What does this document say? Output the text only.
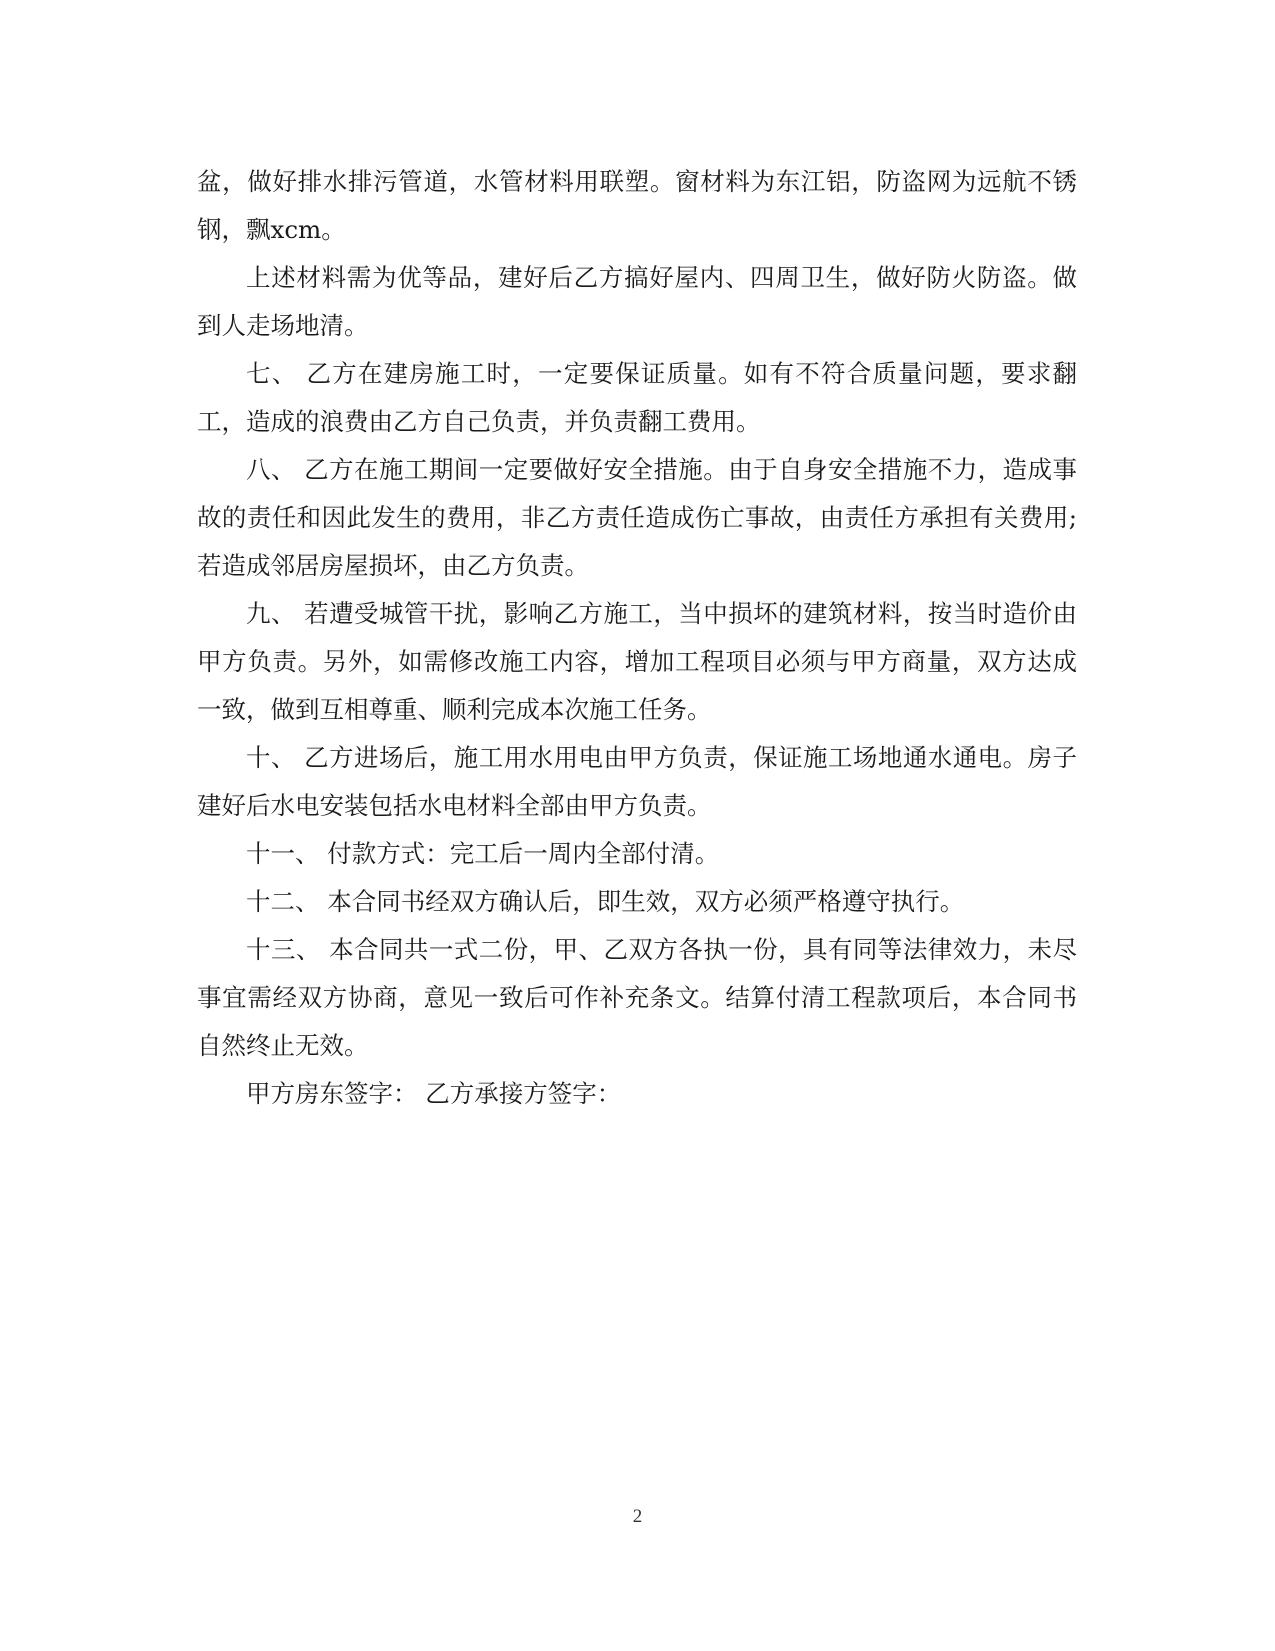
盆，做好排水排污管道，水管材料用联塑。窗材料为东江铝，防盗网为远航不锈钢，飘xcm。

上述材料需为优等品，建好后乙方搞好屋内、四周卫生，做好防火防盗。做到人走场地清。

七、 乙方在建房施工时，一定要保证质量。如有不符合质量问题，要求翻工，造成的浪费由乙方自己负责，并负责翻工费用。

八、 乙方在施工期间一定要做好安全措施。由于自身安全措施不力，造成事故的责任和因此发生的费用，非乙方责任造成伤亡事故，由责任方承担有关费用;若造成邻居房屋损坏，由乙方负责。

九、 若遭受城管干扰，影响乙方施工，当中损坏的建筑材料，按当时造价由甲方负责。另外，如需修改施工内容，增加工程项目必须与甲方商量，双方达成一致，做到互相尊重、顺利完成本次施工任务。

十、 乙方进场后，施工用水用电由甲方负责，保证施工场地通水通电。房子建好后水电安装包括水电材料全部由甲方负责。

十一、 付款方式：完工后一周内全部付清。

十二、 本合同书经双方确认后，即生效，双方必须严格遵守执行。

十三、 本合同共一式二份，甲、乙双方各执一份，具有同等法律效力，未尽事宜需经双方协商，意见一致后可作补充条文。结算付清工程款项后，本合同书自然终止无效。

甲方房东签字： 乙方承接方签字：

2
